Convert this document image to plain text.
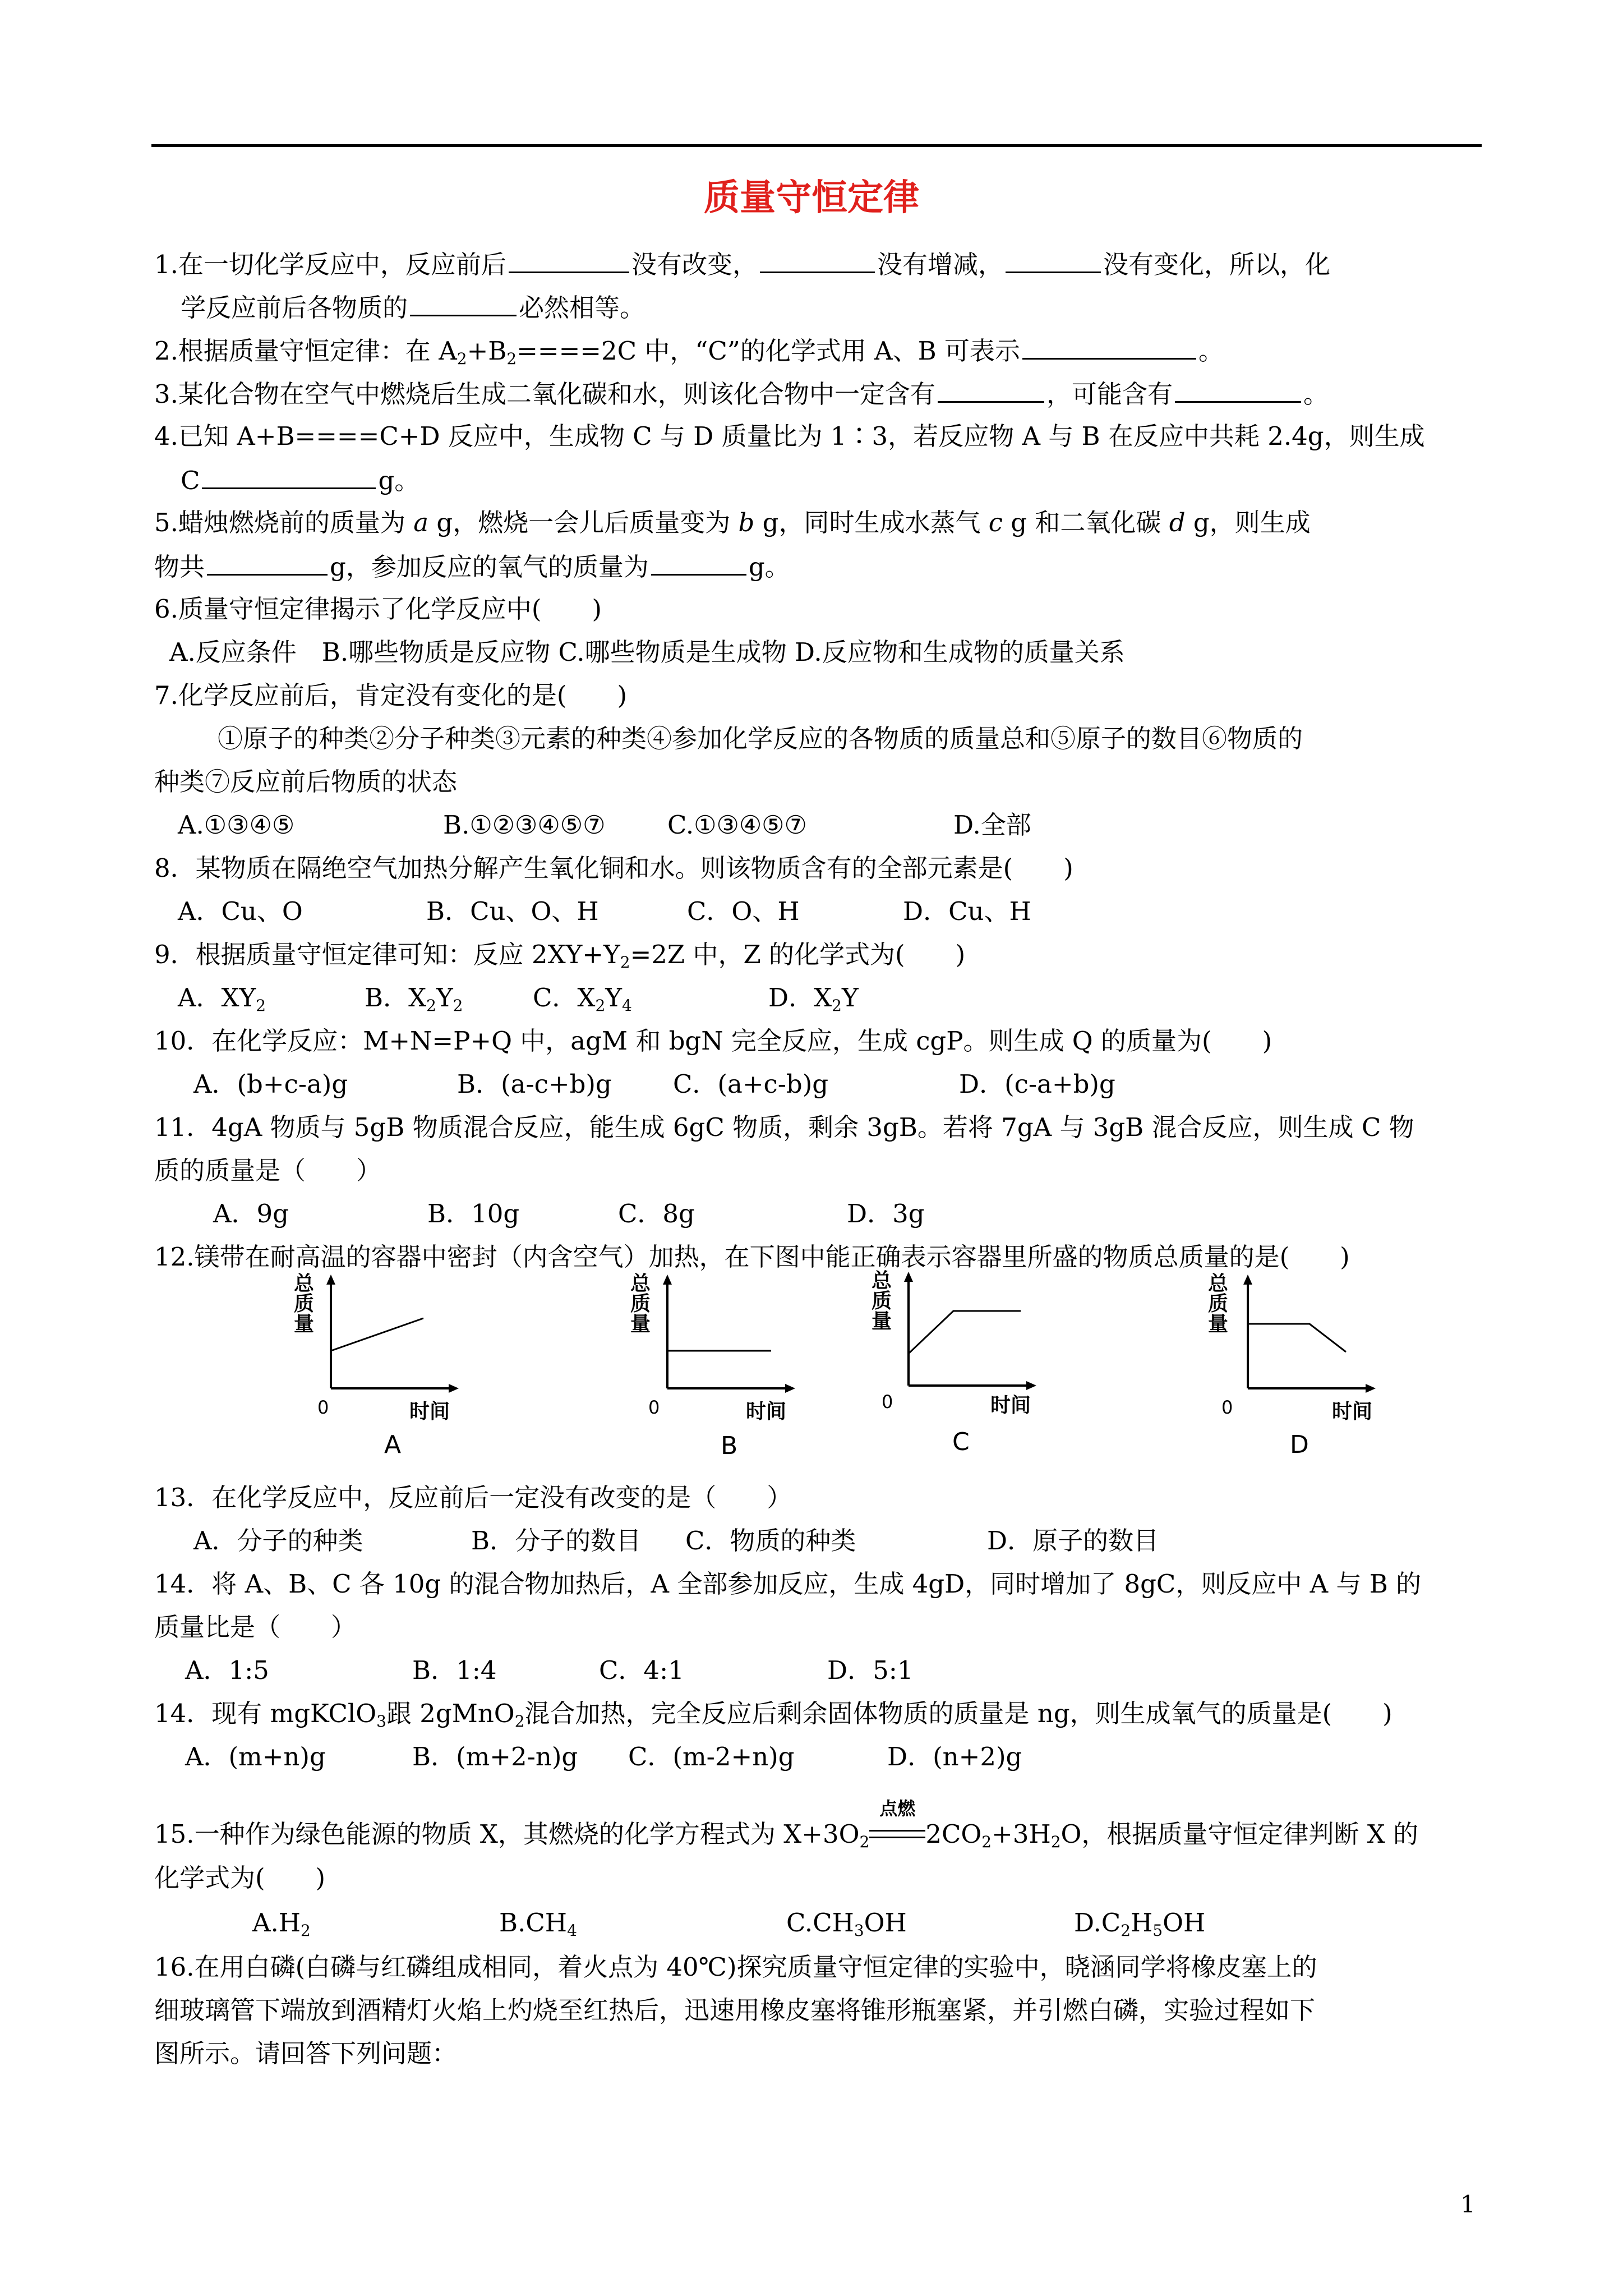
质量守恒定律
1.在一切化学反应中，反应前后	没有改变，	没有增减，	没有变化，所以，化
学反应前后各物质的	必然相等。
2.根据质量守恒定律：在 $A_2+B_2====2C$ 中，“C”的化学式用 A、B 可表示	。
3.某化合物在空气中燃烧后生成二氧化碳和水，则该化合物中一定含有	，可能含有	。
4.已知 A+B====C+D 反应中，生成物 C 与 D 质量比为 1∶3，若反应物 A 与 B 在反应中共耗 2.4g，则生成
C	g。
5.蜡烛燃烧前的质量为 a g，燃烧一会儿后质量变为 b g，同时生成水蒸气 c g 和二氧化碳 d g，则生成
物共	g，参加反应的氧气的质量为	g。
6.质量守恒定律揭示了化学反应中(　　)
A.反应条件　B.哪些物质是反应物 C.哪些物质是生成物 D.反应物和生成物的质量关系
7.化学反应前后，肯定没有变化的是(　　)
①原子的种类②分子种类③元素的种类④参加化学反应的各物质的质量总和⑤原子的数目⑥物质的
种类⑦反应前后物质的状态
A.①③④⑤	B.①②③④⑤⑦ C.①③④⑤⑦	D.全部
8．某物质在隔绝空气加热分解产生氧化铜和水。则该物质含有的全部元素是(　　)
A．Cu、O	B．Cu、O、H	C．O、H	D．Cu、H
9．根据质量守恒定律可知：反应 $2XY+Y_2=2Z$ 中，Z 的化学式为(　　)
A．$XY_2$	B．$X_2Y_2$	C．$X_2Y_4$	D．$X_2Y$
10．在化学反应：M+N=P+Q 中，agM 和 bgN 完全反应，生成 cgP。则生成 Q 的质量为(　　)
A．(b+c-a)g	B．(a-c+b)g C．(a+c-b)g	D．(c-a+b)g
11．4gA 物质与 5gB 物质混合反应，能生成 6gC 物质，剩余 3gB。若将 7gA 与 3gB 混合反应，则生成 C 物
质的质量是（　　）
A．9g	B．10g	C．8g	D．3g
12.镁带在耐高温的容器中密封（内含空气）加热，在下图中能正确表示容器里所盛的物质总质量的是(　　)
总
质
量
0	时间
A
总
质
量
0	时间
B
总
质
量
0	时间
C
总
质
量
0	时间
D
13．在化学反应中，反应前后一定没有改变的是（　　）
A．分子的种类	B．分子的数目 C．物质的种类	D．原子的数目
14．将 A、B、C 各 10g 的混合物加热后，A 全部参加反应，生成 4gD，同时增加了 8gC，则反应中 A 与 B 的
质量比是（　　）
A．1:5	B．1:4	C．4:1	D．5:1
14．现有 mgKClO$_3$跟 2gMnO$_2$混合加热，完全反应后剩余固体物质的质量是 ng，则生成氧气的质量是(　　)
A．(m+n)g	B．(m+2-n)g C．(m-2+n)g	D．(n+2)g
15.一种作为绿色能源的物质 X，其燃烧的化学方程式为 $X+3O_2$
点燃
$2CO_2+3H_2O$，根据质量守恒定律判断 X 的
化学式为(　　)
$A.H_2$	$B.CH_4$	$C.CH_3OH$	$D.C_2H_5OH$
16.在用白磷(白磷与红磷组成相同，着火点为 40℃)探究质量守恒定律的实验中，晓涵同学将橡皮塞上的
细玻璃管下端放到酒精灯火焰上灼烧至红热后，迅速用橡皮塞将锥形瓶塞紧，并引燃白磷，实验过程如下
图所示。请回答下列问题：
1
